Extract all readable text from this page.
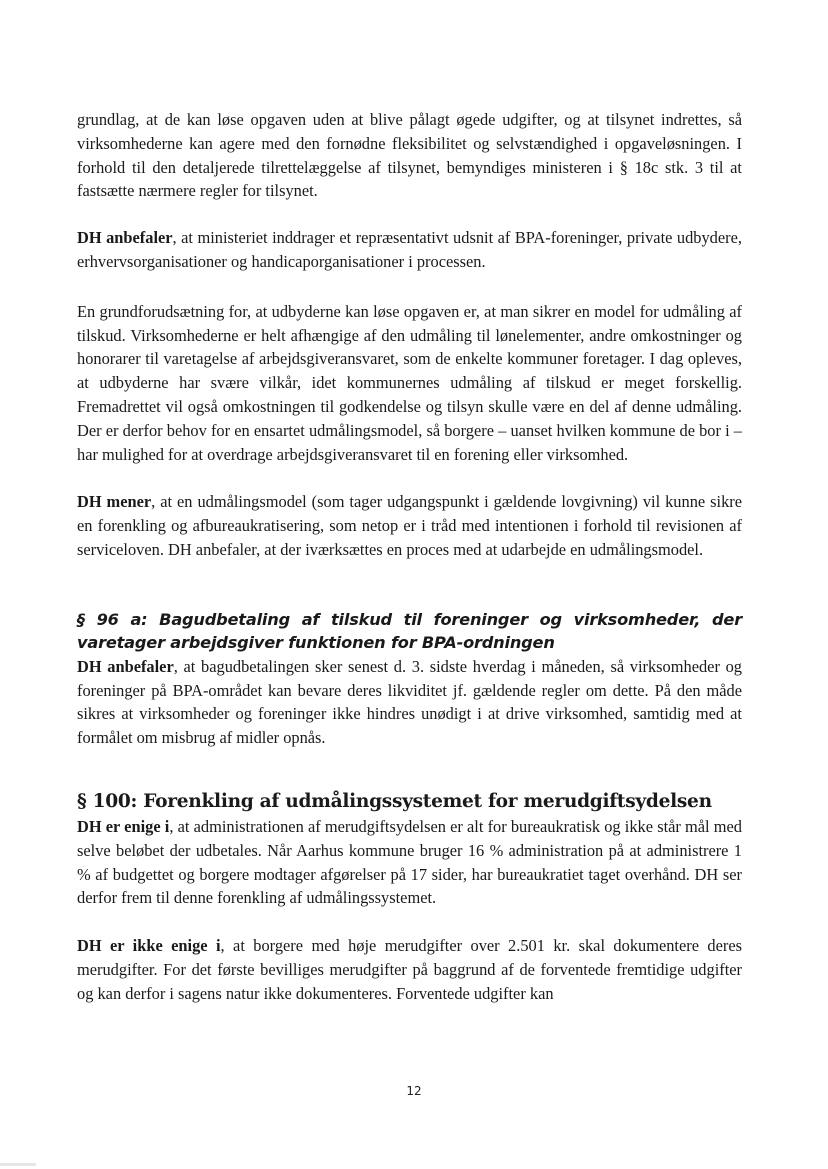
grundlag, at de kan løse opgaven uden at blive pålagt øgede udgifter, og at tilsynet indrettes, så virksomhederne kan agere med den fornødne fleksibilitet og selvstændighed i opgaveløsningen. I forhold til den detaljerede tilrettelæggelse af tilsynet, bemyndiges ministeren i § 18c stk. 3 til at fastsætte nærmere regler for tilsynet.

DH anbefaler, at ministeriet inddrager et repræsentativt udsnit af BPA-foreninger, private udbydere, erhvervsorganisationer og handicaporganisationer i processen.

En grundforudsætning for, at udbyderne kan løse opgaven er, at man sikrer en model for udmåling af tilskud. Virksomhederne er helt afhængige af den udmåling til lønelementer, andre omkostninger og honorarer til varetagelse af arbejdsgiveransvaret, som de enkelte kommuner foretager. I dag opleves, at udbyderne har svære vilkår, idet kommunernes udmåling af tilskud er meget forskellig. Fremadrettet vil også omkostningen til godkendelse og tilsyn skulle være en del af denne udmåling. Der er derfor behov for en ensartet udmålingsmodel, så borgere – uanset hvilken kommune de bor i – har mulighed for at overdrage arbejdsgiveransvaret til en forening eller virksomhed.

DH mener, at en udmålingsmodel (som tager udgangspunkt i gældende lovgivning) vil kunne sikre en forenkling og afbureaukratisering, som netop er i tråd med intentionen i forhold til revisionen af serviceloven. DH anbefaler, at der iværksættes en proces med at udarbejde en udmålingsmodel.

§ 96 a: Bagudbetaling af tilskud til foreninger og virksomheder, der varetager arbejdsgiver funktionen for BPA-ordningen

DH anbefaler, at bagudbetalingen sker senest d. 3. sidste hverdag i måneden, så virksomheder og foreninger på BPA-området kan bevare deres likviditet jf. gældende regler om dette. På den måde sikres at virksomheder og foreninger ikke hindres unødigt i at drive virksomhed, samtidig med at formålet om misbrug af midler opnås.

§ 100: Forenkling af udmålingssystemet for merudgiftsydelsen

DH er enige i, at administrationen af merudgiftsydelsen er alt for bureaukratisk og ikke står mål med selve beløbet der udbetales. Når Aarhus kommune bruger 16 % administration på at administrere 1 % af budgettet og borgere modtager afgørelser på 17 sider, har bureaukratiet taget overhånd. DH ser derfor frem til denne forenkling af udmålingssystemet.

DH er ikke enige i, at borgere med høje merudgifter over 2.501 kr. skal dokumentere deres merudgifter. For det første bevilliges merudgifter på baggrund af de forventede fremtidige udgifter og kan derfor i sagens natur ikke dokumenteres. Forventede udgifter kan

12
